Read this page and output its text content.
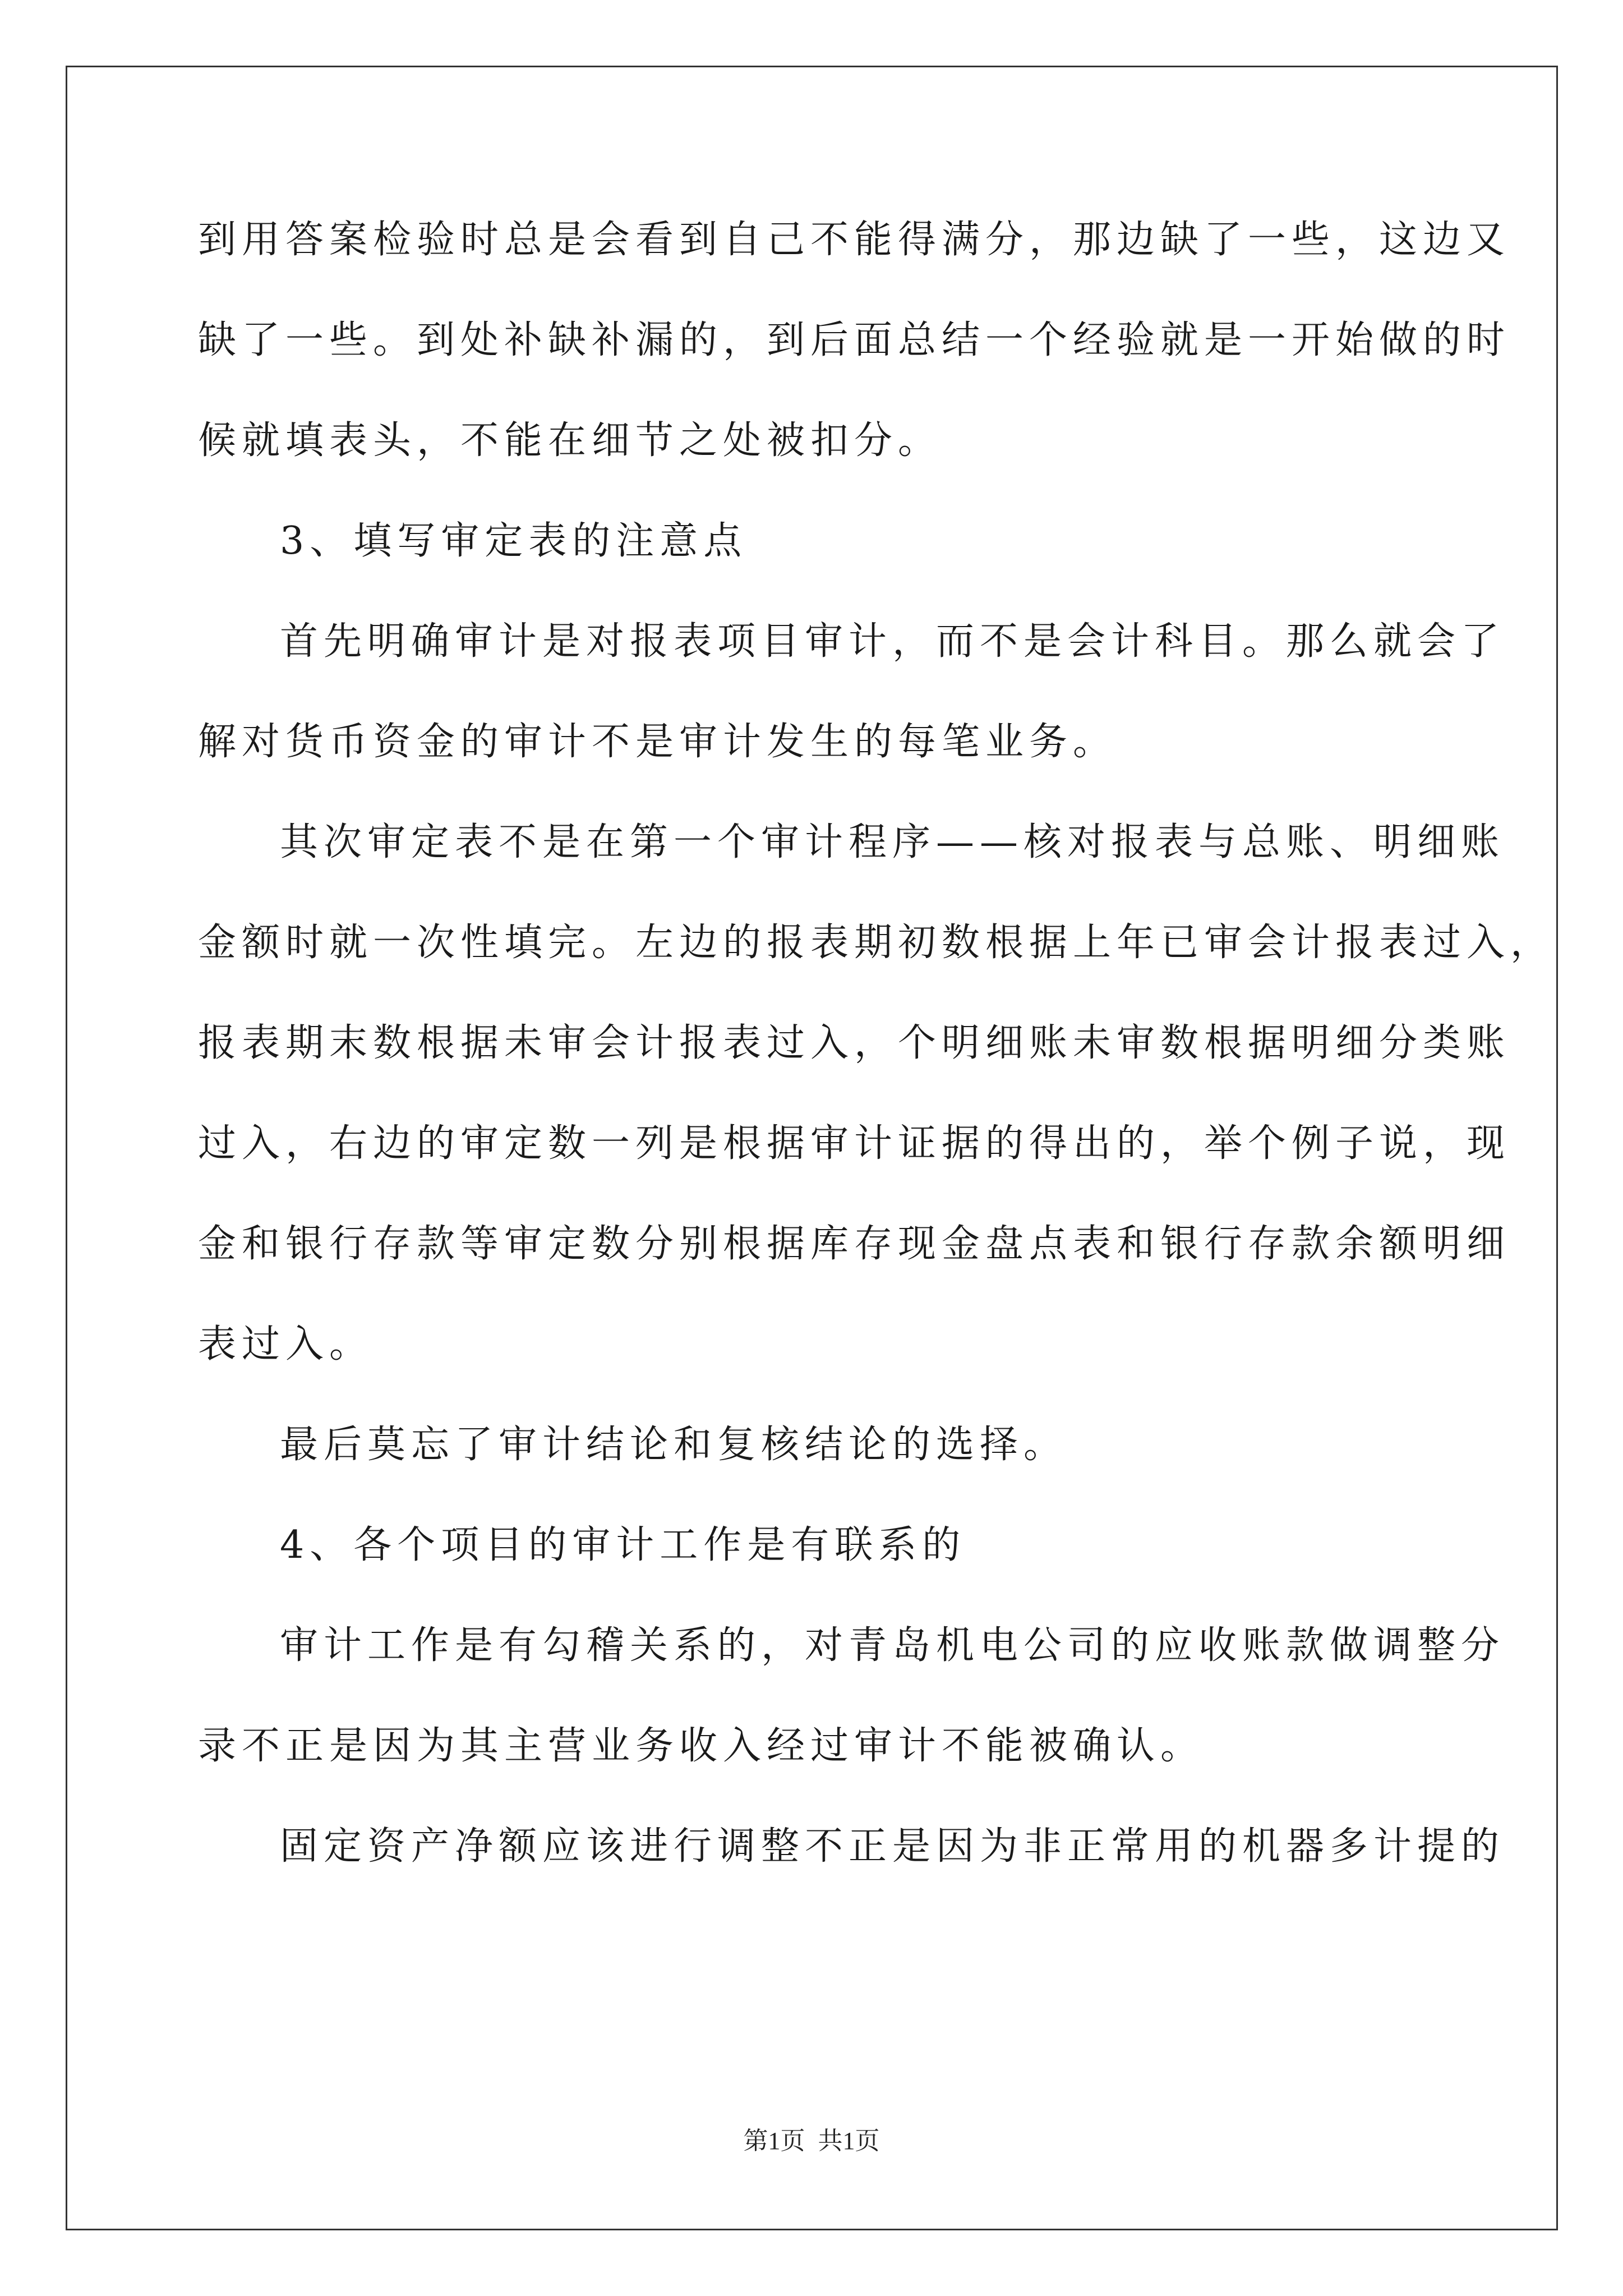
到用答案检验时总是会看到自己不能得满分，那边缺了一些，这边又
缺了一些。到处补缺补漏的，到后面总结一个经验就是一开始做的时
候就填表头，不能在细节之处被扣分。
3、填写审定表的注意点
首先明确审计是对报表项目审计，而不是会计科目。那么就会了
解对货币资金的审计不是审计发生的每笔业务。
其次审定表不是在第一个审计程序——核对报表与总账、明细账
金额时就一次性填完。左边的报表期初数根据上年已审会计报表过入，
报表期末数根据未审会计报表过入，个明细账未审数根据明细分类账
过入，右边的审定数一列是根据审计证据的得出的，举个例子说，现
金和银行存款等审定数分别根据库存现金盘点表和银行存款余额明细
表过入。
最后莫忘了审计结论和复核结论的选择。
4、各个项目的审计工作是有联系的
审计工作是有勾稽关系的，对青岛机电公司的应收账款做调整分
录不正是因为其主营业务收入经过审计不能被确认。
固定资产净额应该进行调整不正是因为非正常用的机器多计提的
第1页 共1页
